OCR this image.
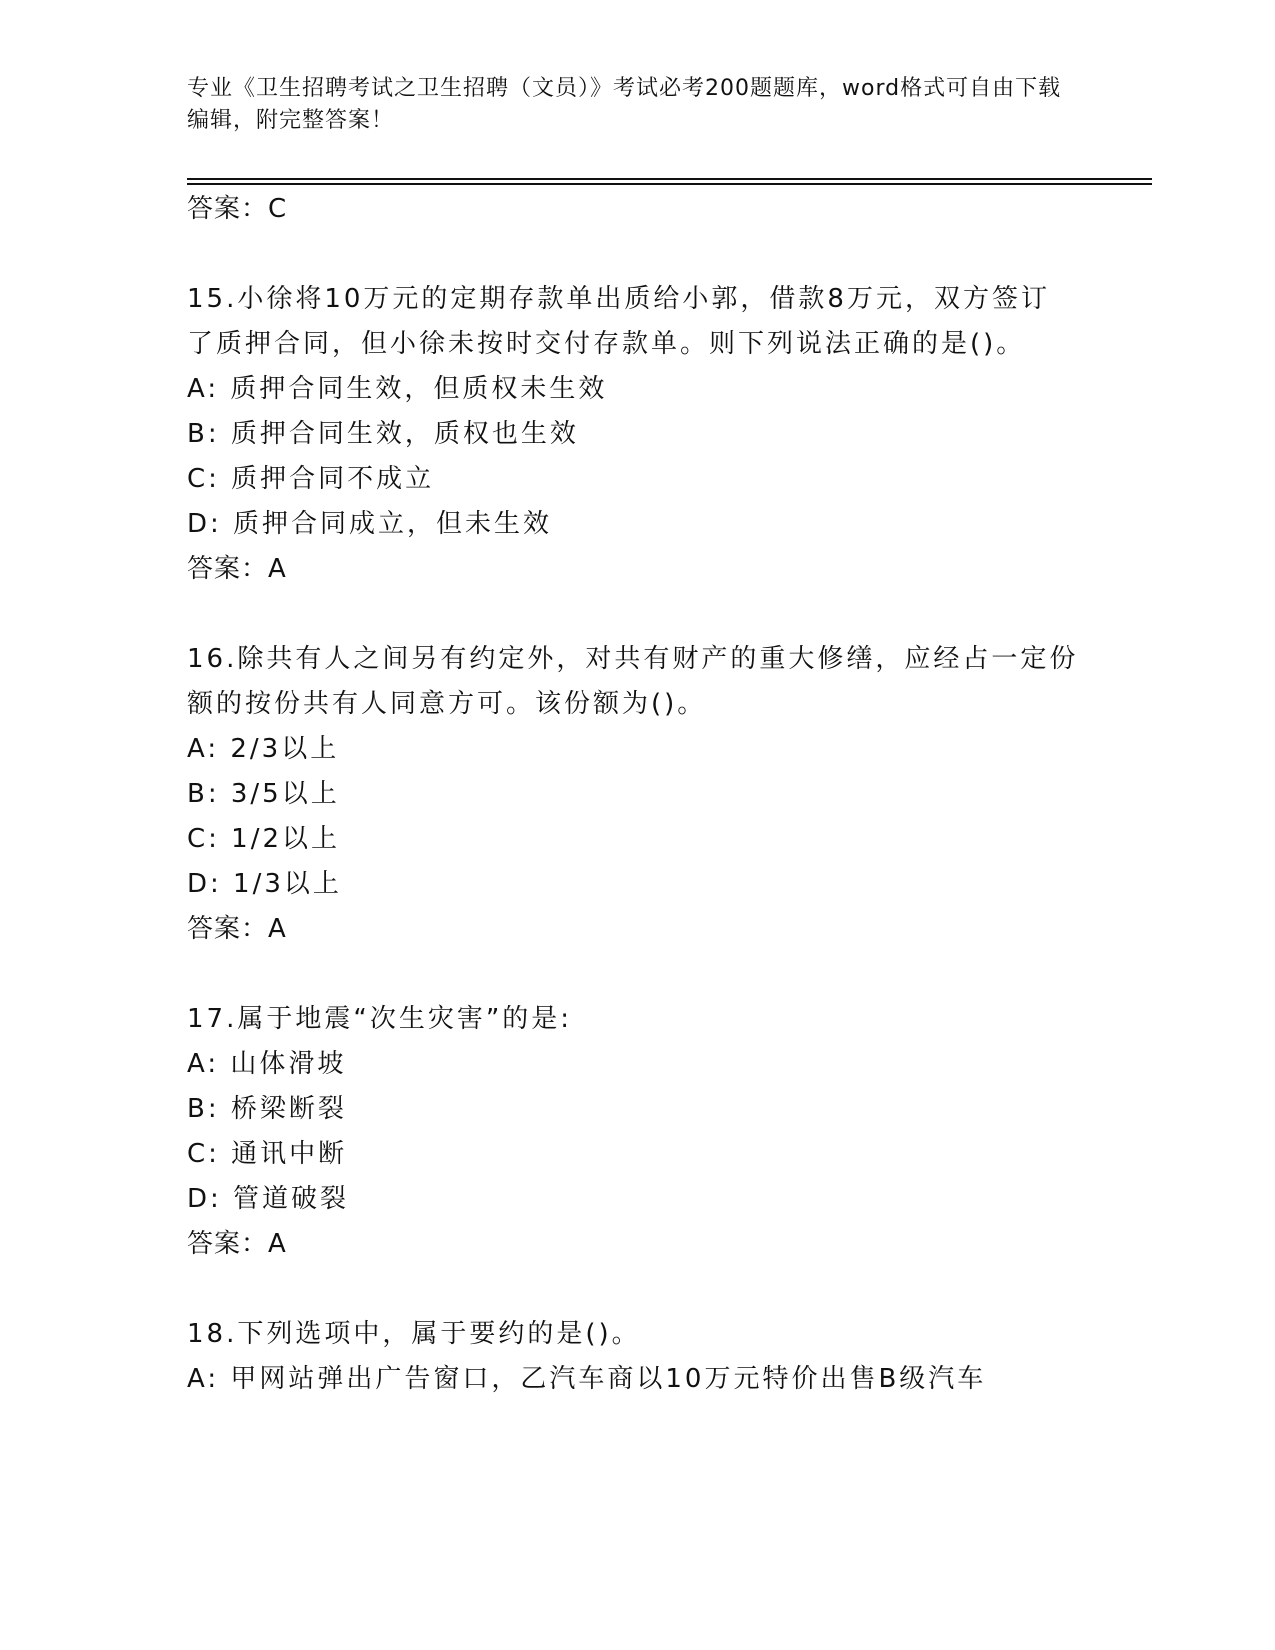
专业《卫生招聘考试之卫生招聘（文员）》考试必考200题题库，word格式可自由下载编辑，附完整答案！
答案：C
15.小徐将10万元的定期存款单出质给小郭，借款8万元，双方签订
了质押合同，但小徐未按时交付存款单。则下列说法正确的是()。
A: 质押合同生效，但质权未生效
B: 质押合同生效，质权也生效
C: 质押合同不成立
D: 质押合同成立，但未生效
答案：A
16.除共有人之间另有约定外，对共有财产的重大修缮，应经占一定份
额的按份共有人同意方可。该份额为()。
A: 2/3以上
B: 3/5以上
C: 1/2以上
D: 1/3以上
答案：A
17.属于地震“次生灾害”的是:
A: 山体滑坡
B: 桥梁断裂
C: 通讯中断
D: 管道破裂
答案：A
18.下列选项中，属于要约的是()。
A: 甲网站弹出广告窗口，乙汽车商以10万元特价出售B级汽车
